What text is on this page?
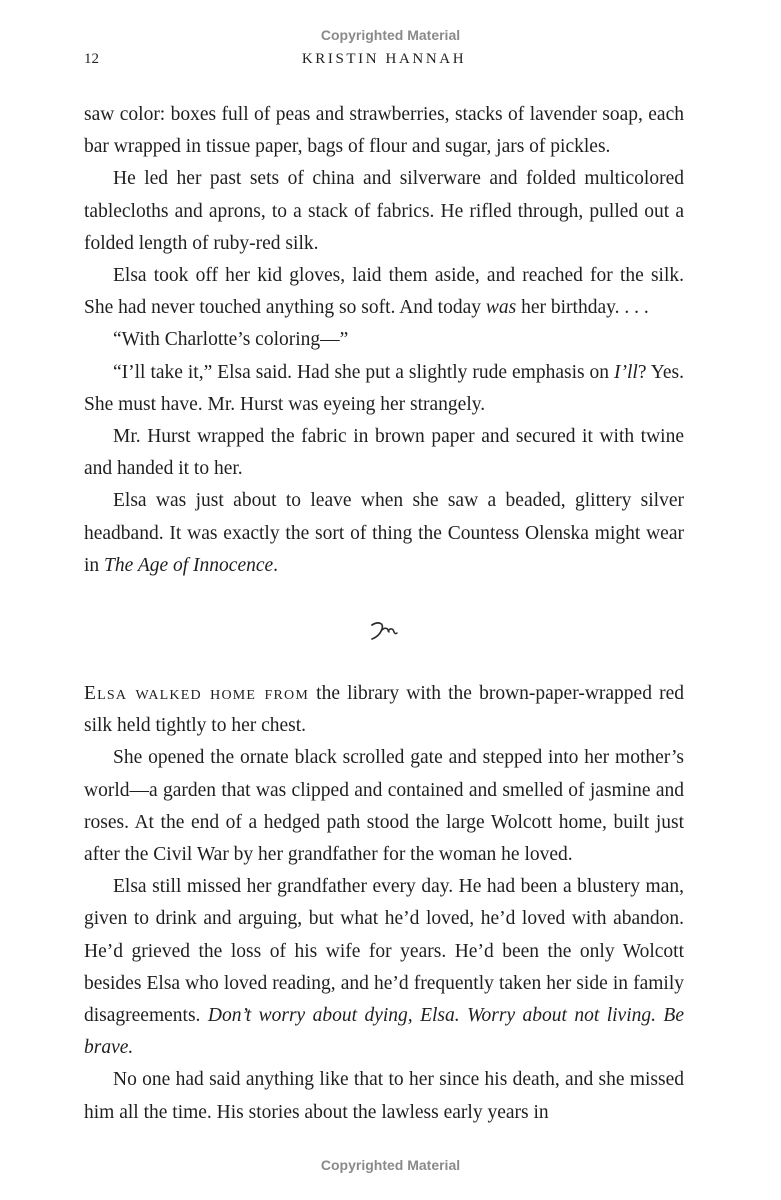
Copyrighted Material
12	KRISTIN HANNAH

saw color: boxes full of peas and strawberries, stacks of lavender soap, each bar wrapped in tissue paper, bags of flour and sugar, jars of pickles.

He led her past sets of china and silverware and folded multicolored tablecloths and aprons, to a stack of fabrics. He rifled through, pulled out a folded length of ruby-red silk.

Elsa took off her kid gloves, laid them aside, and reached for the silk. She had never touched anything so soft. And today was her birthday. . . .

“With Charlotte’s coloring—”

“I’ll take it,” Elsa said. Had she put a slightly rude emphasis on I’ll? Yes. She must have. Mr. Hurst was eyeing her strangely.

Mr. Hurst wrapped the fabric in brown paper and secured it with twine and handed it to her.

Elsa was just about to leave when she saw a beaded, glittery silver headband. It was exactly the sort of thing the Countess Olenska might wear in The Age of Innocence.

Elsa walked home from the library with the brown-paper-wrapped red silk held tightly to her chest.

She opened the ornate black scrolled gate and stepped into her mother’s world—a garden that was clipped and contained and smelled of jasmine and roses. At the end of a hedged path stood the large Wolcott home, built just after the Civil War by her grandfather for the woman he loved.

Elsa still missed her grandfather every day. He had been a blustery man, given to drink and arguing, but what he’d loved, he’d loved with abandon. He’d grieved the loss of his wife for years. He’d been the only Wolcott besides Elsa who loved reading, and he’d frequently taken her side in family disagreements. Don’t worry about dying, Elsa. Worry about not living. Be brave.

No one had said anything like that to her since his death, and she missed him all the time. His stories about the lawless early years in

Copyrighted Material
